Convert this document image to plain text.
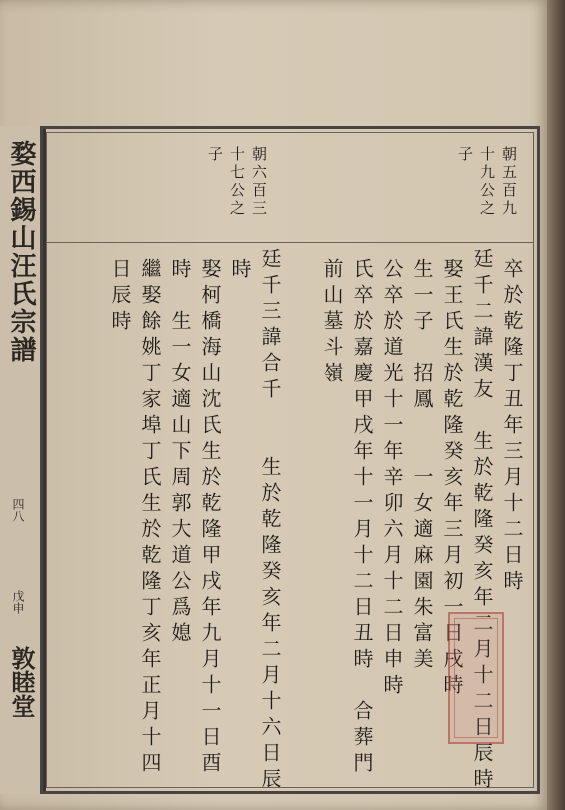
婺西錫山汪氏宗譜
四八
戊申
敦睦堂
朝五百九
十九公之
子
朝六百三
十七公之
子
卒於乾隆丁丑年三月十二日時
廷千二諱漢友　生於乾隆癸亥年二月十二日辰時
娶王氏生於乾隆癸亥年三月初一日戌時
生一子　招鳳　　一女適麻園朱富美
公卒於道光十一年辛卯六月十二日申時
氏卒於嘉慶甲戌年十一月十二日丑時　合葬門
前山墓斗嶺
廷千三諱合千　　生於乾隆癸亥年二月十六日辰
時
娶柯橋海山沈氏生於乾隆甲戌年九月十一日酉
時　生一女適山下周郭大道公爲媳
繼娶餘姚丁家埠丁氏生於乾隆丁亥年正月十四
日辰時
